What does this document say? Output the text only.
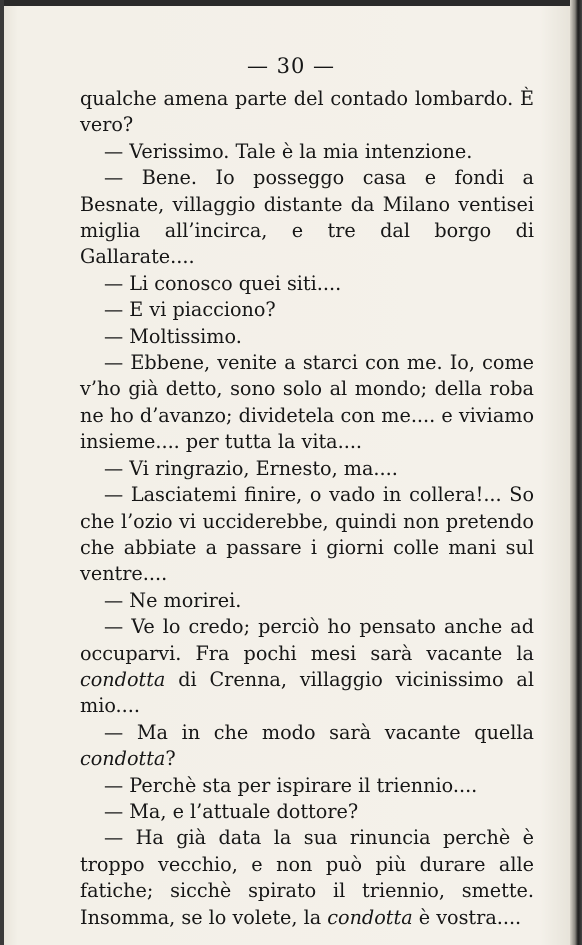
— 30 —

qualche amena parte del contado lombardo. È vero?

— Verissimo. Tale è la mia intenzione.

— Bene. Io posseggo casa e fondi a Besnate, villaggio distante da Milano ventisei miglia all’incirca, e tre dal borgo di Gallarate....

— Li conosco quei siti....

— E vi piacciono?

— Moltissimo.

— Ebbene, venite a starci con me. Io, come v’ho già detto, sono solo al mondo; della roba ne ho d’avanzo; dividetela con me.... e viviamo insieme.... per tutta la vita....

— Vi ringrazio, Ernesto, ma....

— Lasciatemi finire, o vado in collera!... So che l’ozio vi ucciderebbe, quindi non pretendo che abbiate a passare i giorni colle mani sul ventre....

— Ne morirei.

— Ve lo credo; perciò ho pensato anche ad occuparvi. Fra pochi mesi sarà vacante la condotta di Crenna, villaggio vicinissimo al mio....

— Ma in che modo sarà vacante quella condotta?

— Perchè sta per ispirare il triennio....

— Ma, e l’attuale dottore?

— Ha già data la sua rinuncia perchè è troppo vecchio, e non può più durare alle fatiche; sicchè spirato il triennio, smette. Insomma, se lo volete, la condotta è vostra....
